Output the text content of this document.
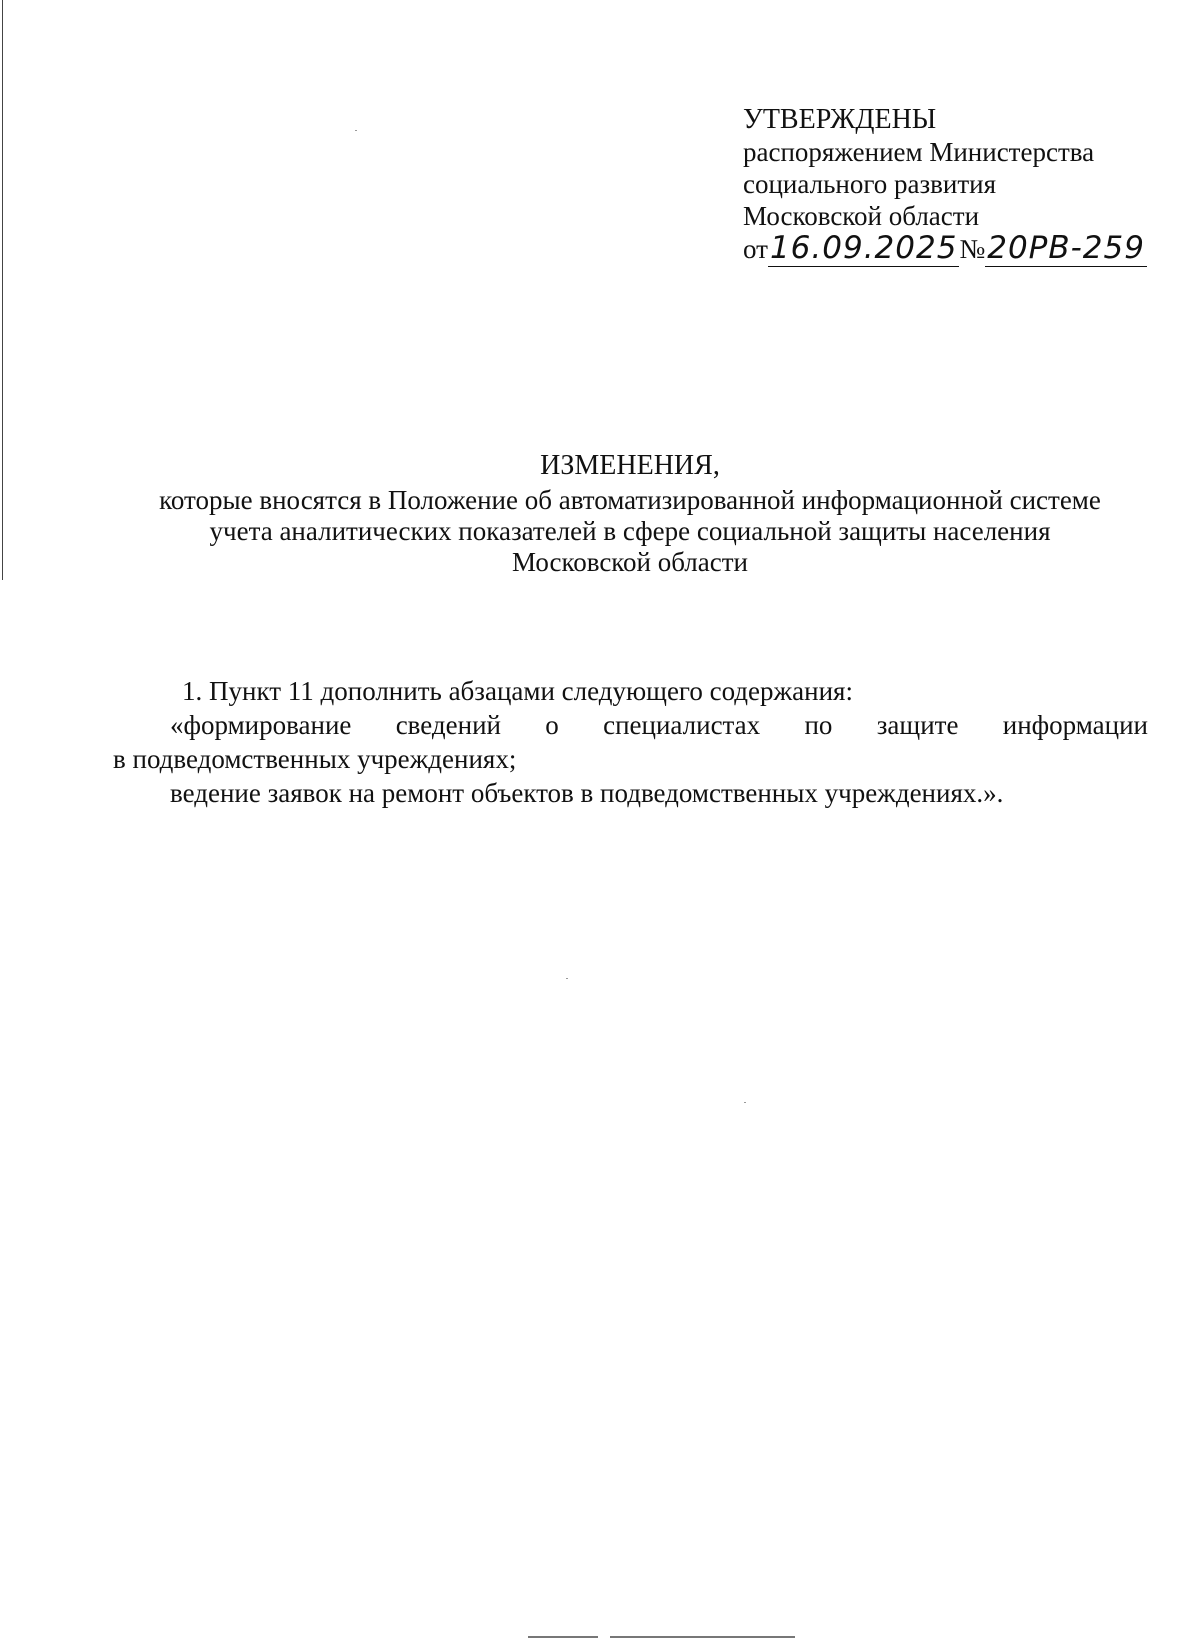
УТВЕРЖДЕНЫ
распоряжением Министерства
социального развития
Московской области
от16.09.2025№20РВ-259
ИЗМЕНЕНИЯ,
которые вносятся в Положение об автоматизированной информационной системе
учета аналитических показателей в сфере социальной защиты населения
Московской области

1. Пункт 11 дополнить абзацами следующего содержания:

«формирование сведений о специалистах по защите информации

в подведомственных учреждениях;

ведение заявок на ремонт объектов в подведомственных учреждениях.».
